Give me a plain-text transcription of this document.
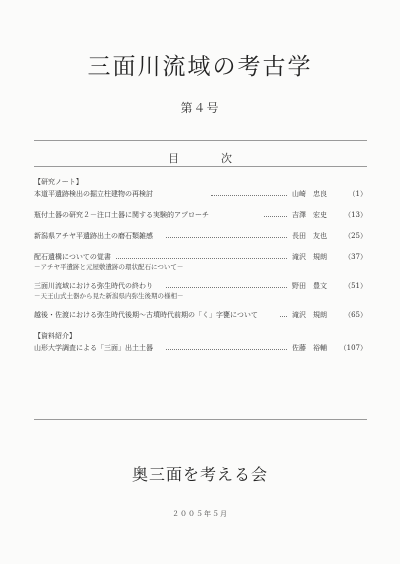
三面川流域の考古学
第４号
目	次
【研究ノート】
本道平遺跡検出の掘立柱建物の再検討	山崎　忠良	（1）
瓶付土器の研究２－注口土器に関する実験的アプローチ	吉澤　宏史 （13）
新潟県アチヤ平遺跡出土の磨石類雑感	長田　友也 （25）
配石遺構についての覚書	滝沢　規朗 （37）
－アチヤ平遺跡と元屋敷遺跡の環状配石について－
三面川流域における弥生時代の終わり	野田　豊文 （51）
－天王山式土器から見た新潟県内弥生後期の様相－
越後・佐渡における弥生時代後期～古墳時代前期の「く」字甕について	滝沢　規朗 （65）
【資料紹介】
山形大学調査による「三面」出土土器	佐藤　裕輔 （107）
奥三面を考える会
２００５年５月
